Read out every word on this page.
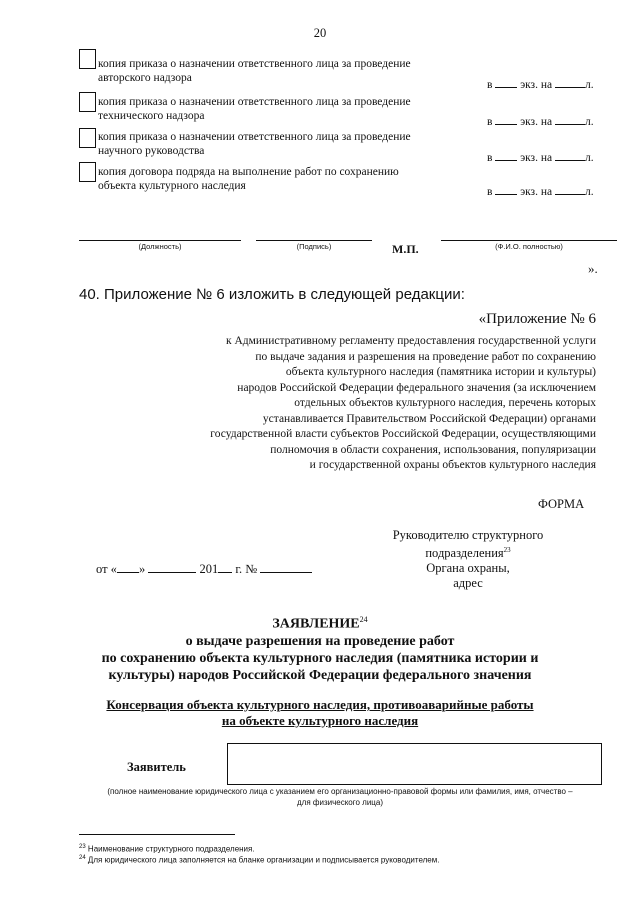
20
копия приказа о назначении ответственного лица за проведение
авторского надзора
в экз. на	л.
копия приказа о назначении ответственного лица за проведение
технического надзора	в экз. на	л.
копия приказа о назначении ответственного лица за проведение
научного руководства
в экз. на	л.
копия договора подряда на выполнение работ по сохранению
объекта культурного наследия	в экз. на	л.
(Должность)	(Подпись)	М.П.	(Ф.И.О. полностью)
».
40. Приложение № 6 изложить в следующей редакции:
«Приложение № 6
к Административному регламенту предоставления государственной услуги
по выдаче задания и разрешения на проведение работ по сохранению
объекта культурного наследия (памятника истории и культуры)
народов Российской Федерации федерального значения (за исключением
отдельных объектов культурного наследия, перечень которых
устанавливается Правительством Российской Федерации) органами
государственной власти субъектов Российской Федерации, осуществляющими
полномочия в области сохранения, использования, популяризации
и государственной охраны объектов культурного наследия
ФОРМА
Руководителю структурного
подразделения$^{23}$
Органа охраны,
адрес
от « »	201 г. №
ЗАЯВЛЕНИЕ$^{24}$
о выдаче разрешения на проведение работ
по сохранению объекта культурного наследия (памятника истории и
культуры) народов Российской Федерации федерального значения
Консервация объекта культурного наследия, противоаварийные работы
на объекте культурного наследия
Заявитель
(полное наименование юридического лица с указанием его организационно-правовой формы или фамилия, имя, отчество –
для физического лица)
$^{23}$ Наименование структурного подразделения.
$^{24}$ Для юридического лица заполняется на бланке организации и подписывается руководителем.
